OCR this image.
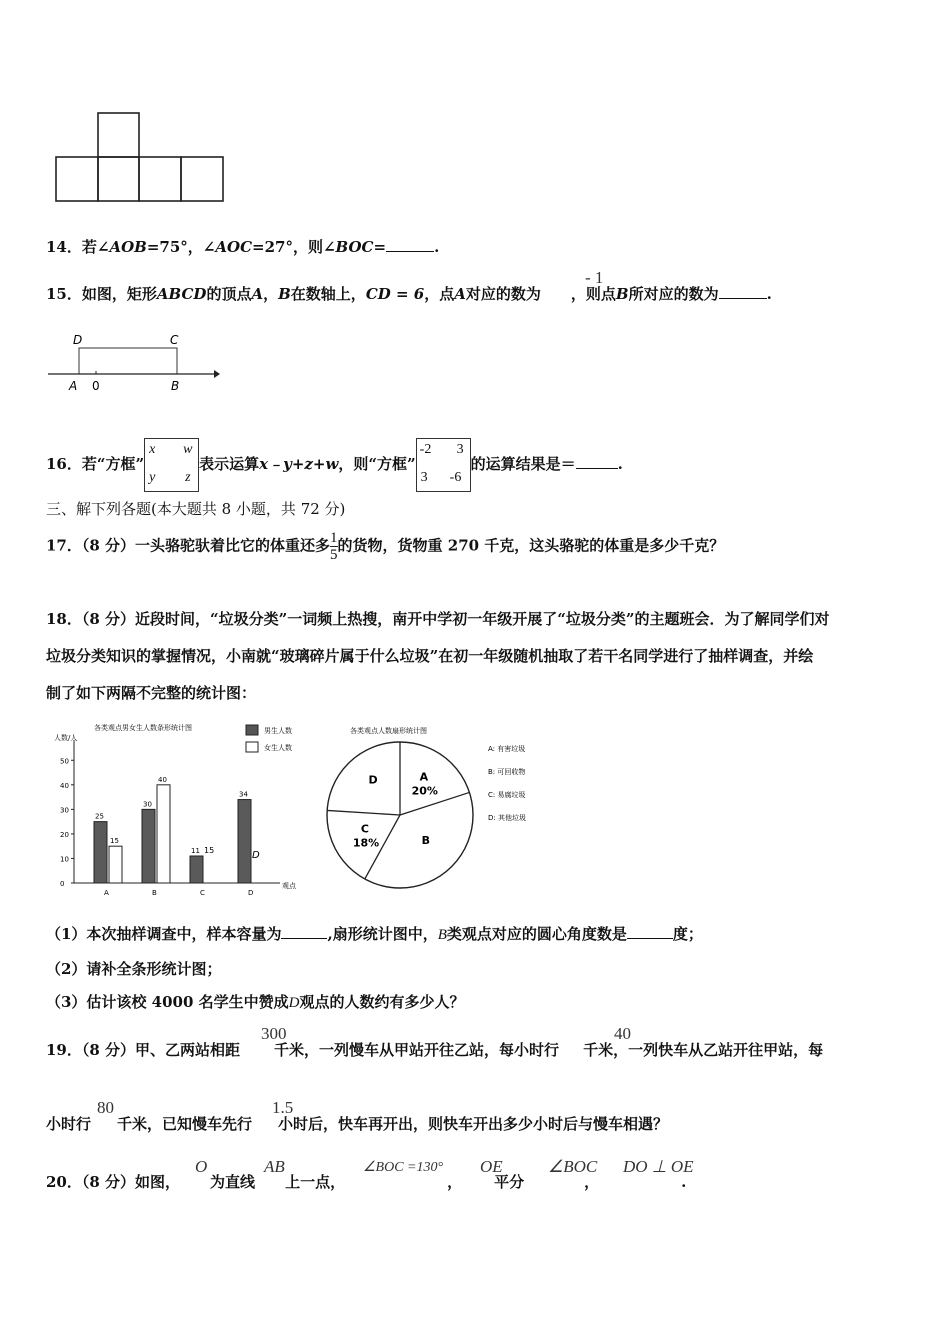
14．若∠AOB=75°，∠AOC=27°，则∠BOC=	.
15．如图，矩形ABCD的顶点A，B在数轴上，CD = 6，点A对应的数为 ，则点B所对应的数为	.
- 1
D	C
A 0	B
16．若“方框”
x w
y z
表示运算x﹣y+z+w，则“方框”
-2 3
3 -6
的运算结果是＝	.
三、解下列各题(本大题共 8 小题，共 72 分)
17．（8 分）一头骆驼驮着比它的体重还多 $\frac{1}{5}$ 的货物，货物重 270 千克，这头骆驼的体重是多少千克？
18．（8 分）近段时间，“垃圾分类”一词频上热搜，南开中学初一年级开展了“垃圾分类”的主题班会．为了解同学们对
垃圾分类知识的掌握情况，小南就“玻璃碎片属于什么垃圾”在初一年级随机抽取了若干名同学进行了抽样调查，并绘
制了如下两隔不完整的统计图：
各类观点男女生人数条形统计图
人数/人
观点
男生人数
女生人数
0
10
20
30
40
50
A	B	C	D
25
15
30
40
11
34
15	D
各类观点人数扇形统计图
A
20%
B
C
18%
D
A: 有害垃圾
B: 可回收物
C: 易腐垃圾
D: 其他垃圾
（1）本次抽样调查中，样本容量为	,扇形统计图中，B类观点对应的圆心角度数是	度；
（2）请补全条形统计图；
（3）估计该校 4000 名学生中赞成D观点的人数约有多少人？
19．（8 分）甲、乙两站相距 千米，一列慢车从甲站开往乙站，每小时行 千米，一列快车从乙站开往甲站，每
300	40
小时行 千米，已知慢车先行 小时后，快车再开出，则快车开出多少小时后与慢车相遇？
80	1.5
20．（8 分）如图， 为直线 上一点，	， 平分	，	.
O	AB	∠BOC =130° OE	∠BOC DO ⊥ OE
